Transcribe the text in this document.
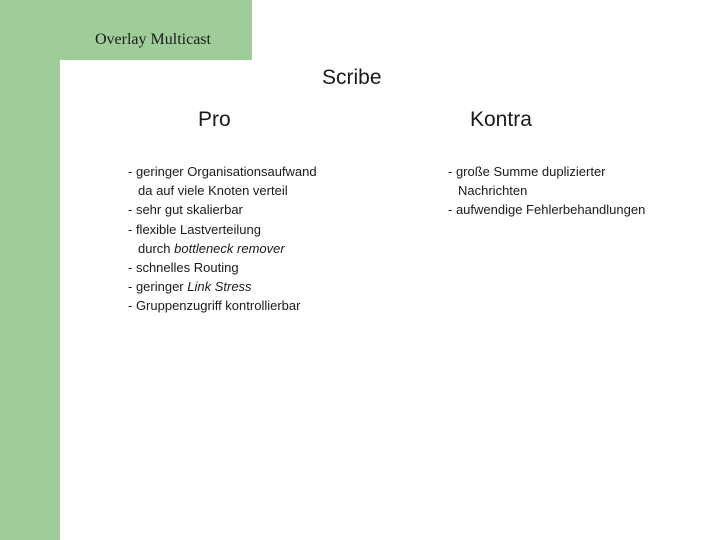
Overlay Multicast
Scribe
Pro	Kontra
- geringer Organisationsaufwand
da auf viele Knoten verteil
- sehr gut skalierbar
- flexible Lastverteilung
durch bottleneck remover
- schnelles Routing
- geringer Link Stress
- Gruppenzugriff kontrollierbar
- große Summe duplizierter
Nachrichten
- aufwendige Fehlerbehandlungen
